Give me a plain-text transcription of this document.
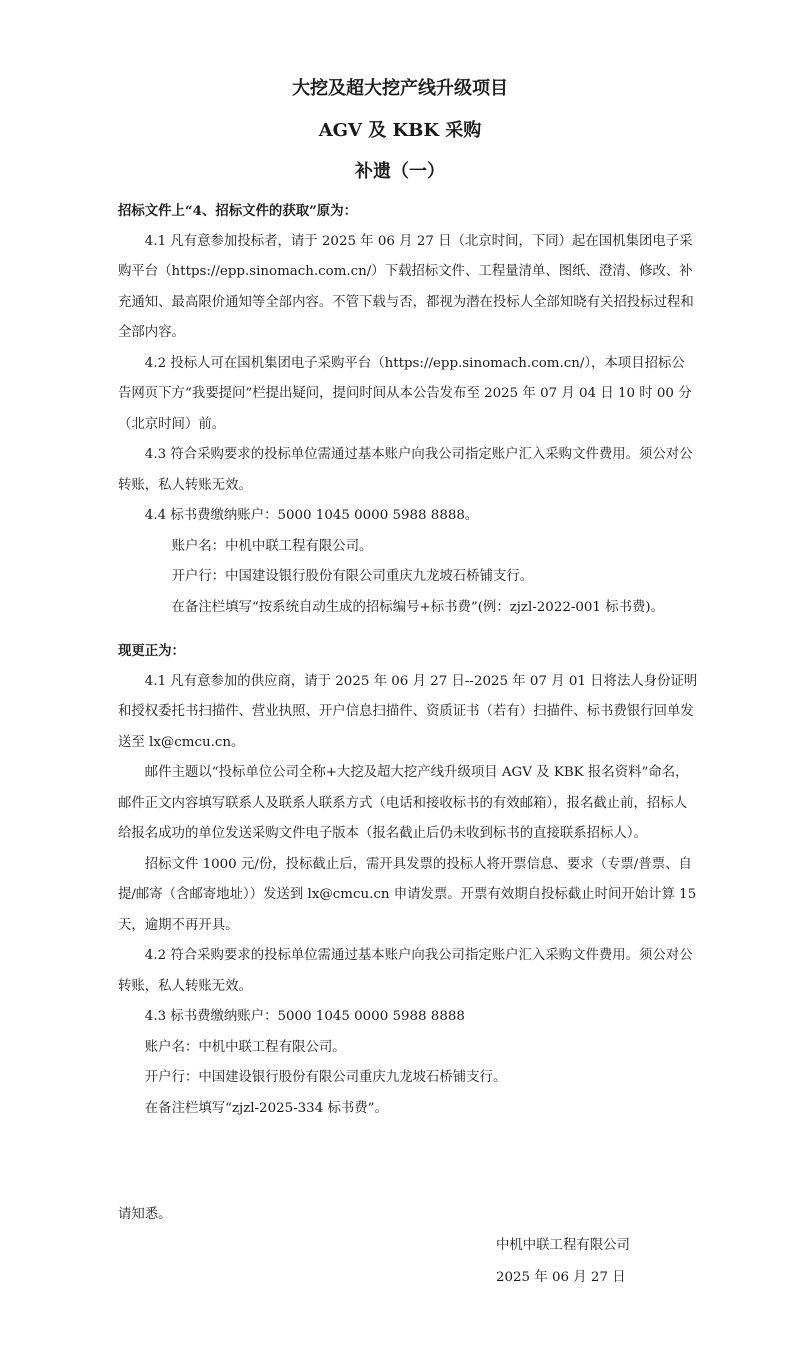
大挖及超大挖产线升级项目
AGV 及 KBK 采购
补遗（一）

招标文件上“4、招标文件的获取”原为：

4.1 凡有意参加投标者，请于 2025 年 06 月 27 日（北京时间，下同）起在国机集团电子采购平台（https://epp.sinomach.com.cn/）下载招标文件、工程量清单、图纸、澄清、修改、补充通知、最高限价通知等全部内容。不管下载与否，都视为潜在投标人全部知晓有关招投标过程和全部内容。

4.2 投标人可在国机集团电子采购平台（https://epp.sinomach.com.cn/），本项目招标公告网页下方“我要提问”栏提出疑问，提问时间从本公告发布至 2025 年 07 月 04 日 10 时 00 分（北京时间）前。

4.3 符合采购要求的投标单位需通过基本账户向我公司指定账户汇入采购文件费用。须公对公转账，私人转账无效。

4.4 标书费缴纳账户：5000 1045 0000 5988 8888。

账户名：中机中联工程有限公司。

开户行：中国建设银行股份有限公司重庆九龙坡石桥铺支行。

在备注栏填写“按系统自动生成的招标编号+标书费”(例：zjzl-2022-001 标书费)。

现更正为：

4.1 凡有意参加的供应商，请于 2025 年 06 月 27 日--2025 年 07 月 01 日将法人身份证明和授权委托书扫描件、营业执照、开户信息扫描件、资质证书（若有）扫描件、标书费银行回单发送至 lx@cmcu.cn。

邮件主题以“投标单位公司全称+大挖及超大挖产线升级项目 AGV 及 KBK 报名资料”命名，邮件正文内容填写联系人及联系人联系方式（电话和接收标书的有效邮箱），报名截止前，招标人给报名成功的单位发送采购文件电子版本（报名截止后仍未收到标书的直接联系招标人）。

招标文件 1000 元/份，投标截止后，需开具发票的投标人将开票信息、要求（专票/普票、自提/邮寄（含邮寄地址））发送到 lx@cmcu.cn 申请发票。开票有效期自投标截止时间开始计算 15 天，逾期不再开具。

4.2 符合采购要求的投标单位需通过基本账户向我公司指定账户汇入采购文件费用。须公对公转账，私人转账无效。

4.3 标书费缴纳账户：5000 1045 0000 5988 8888

账户名：中机中联工程有限公司。

开户行：中国建设银行股份有限公司重庆九龙坡石桥铺支行。

在备注栏填写“zjzl-2025-334 标书费”。

请知悉。

中机中联工程有限公司
2025 年 06 月 27 日
